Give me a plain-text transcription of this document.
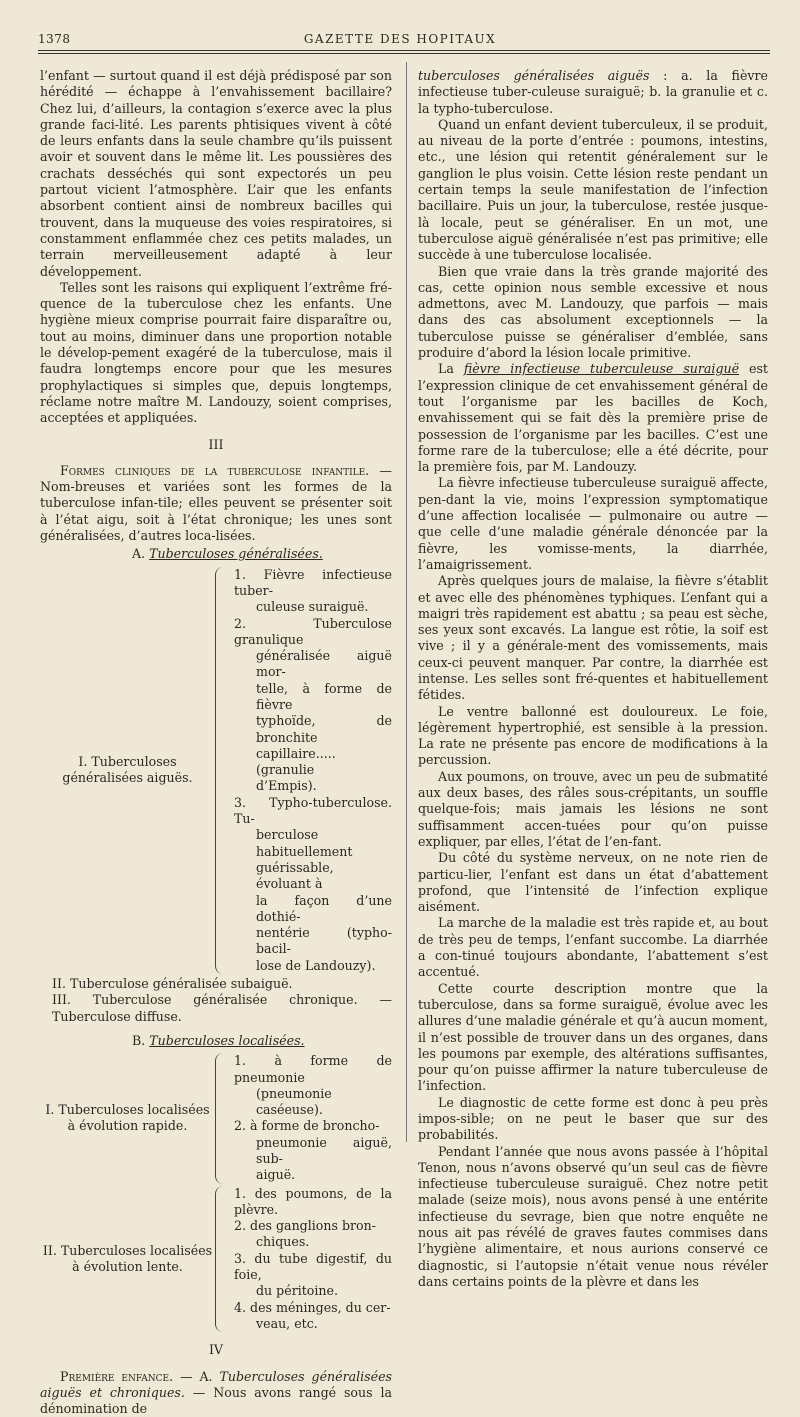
1378	GAZETTE DES HOPITAUX

l’enfant — surtout quand il est déjà prédisposé par son hérédité — échappe à l’envahissement bacillaire? Chez lui, d’ailleurs, la contagion s’exerce avec la plus grande faci-lité. Les parents phtisiques vivent à côté de leurs enfants dans la seule chambre qu’ils puissent avoir et souvent dans le même lit. Les poussières des crachats desséchés qui sont expectorés un peu partout vicient l’atmosphère. L’air que les enfants absorbent contient ainsi de nombreux bacilles qui trouvent, dans la muqueuse des voies respiratoires, si constamment enflammée chez ces petits malades, un terrain merveilleusement adapté à leur développement.

Telles sont les raisons qui expliquent l’extrême fré-quence de la tuberculose chez les enfants. Une hygiène mieux comprise pourrait faire disparaître ou, tout au moins, diminuer dans une proportion notable le dévelop-pement exagéré de la tuberculose, mais il faudra longtemps encore pour que les mesures prophylactiques si simples que, depuis longtemps, réclame notre maître M. Landouzy, soient comprises, acceptées et appliquées.

III

Formes cliniques de la tuberculose infantile. — Nom-breuses et variées sont les formes de la tuberculose infan-tile; elles peuvent se présenter soit à l’état aigu, soit à l’état chronique; les unes sont généralisées, d’autres loca-lisées.

A. Tuberculoses généralisées.

I. Tuberculoses généralisées aiguës.
1. Fièvre infectieuse tuber-
culeuse suraiguë.
2. Tuberculose granulique
généralisée aiguë mor-
telle, à forme de fièvre
typhoïde, de bronchite
capillaire..... (granulie
d’Empis).
3. Typho-tuberculose. Tu-
berculose habituellement
guérissable, évoluant à
la façon d’une dothié-
nentérie (typho-bacil-
lose de Landouzy).

II. Tuberculose généralisée subaiguë.

III. Tuberculose généralisée chronique. — Tuberculose diffuse.

B. Tuberculoses localisées.

I. Tuberculoses localisées à évolution rapide.
1. à forme de pneumonie
(pneumonie caséeuse).
2. à forme de broncho-
pneumonie aiguë, sub-
aiguë.
II. Tuberculoses localisées à évolution lente.
1. des poumons, de la plèvre.
2. des ganglions bron-
chiques.
3. du tube digestif, du foie,
du péritoine.
4. des méninges, du cer-
veau, etc.

IV

Première enfance. — A. Tuberculoses généralisées aiguës et chroniques. — Nous avons rangé sous la dénomination de

tuberculoses généralisées aiguës : a. la fièvre infectieuse tuber-culeuse suraiguë; b. la granulie et c. la typho-tuberculose.

Quand un enfant devient tuberculeux, il se produit, au niveau de la porte d’entrée : poumons, intestins, etc., une lésion qui retentit généralement sur le ganglion le plus voisin. Cette lésion reste pendant un certain temps la seule manifestation de l’infection bacillaire. Puis un jour, la tuberculose, restée jusque-là locale, peut se généraliser. En un mot, une tuberculose aiguë généralisée n’est pas primitive; elle succède à une tuberculose localisée.

Bien que vraie dans la très grande majorité des cas, cette opinion nous semble excessive et nous admettons, avec M. Landouzy, que parfois — mais dans des cas absolument exceptionnels — la tuberculose puisse se généraliser d’emblée, sans produire d’abord la lésion locale primitive.

La fièvre infectieuse tuberculeuse suraiguë est l’expression clinique de cet envahissement général de tout l’organisme par les bacilles de Koch, envahissement qui se fait dès la première prise de possession de l’organisme par les bacilles. C’est une forme rare de la tuberculose; elle a été décrite, pour la première fois, par M. Landouzy.

La fièvre infectieuse tuberculeuse suraiguë affecte, pen-dant la vie, moins l’expression symptomatique d’une affection localisée — pulmonaire ou autre — que celle d’une maladie générale dénoncée par la fièvre, les vomisse-ments, la diarrhée, l’amaigrissement.

Après quelques jours de malaise, la fièvre s’établit et avec elle des phénomènes typhiques. L’enfant qui a maigri très rapidement est abattu ; sa peau est sèche, ses yeux sont excavés. La langue est rôtie, la soif est vive ; il y a générale-ment des vomissements, mais ceux-ci peuvent manquer. Par contre, la diarrhée est intense. Les selles sont fré-quentes et habituellement fétides.

Le ventre ballonné est douloureux. Le foie, légèrement hypertrophié, est sensible à la pression. La rate ne présente pas encore de modifications à la percussion.

Aux poumons, on trouve, avec un peu de submatité aux deux bases, des râles sous-crépitants, un souffle quelque-fois; mais jamais les lésions ne sont suffisamment accen-tuées pour qu’on puisse expliquer, par elles, l’état de l’en-fant.

Du côté du système nerveux, on ne note rien de particu-lier, l’enfant est dans un état d’abattement profond, que l’intensité de l’infection explique aisément.

La marche de la maladie est très rapide et, au bout de très peu de temps, l’enfant succombe. La diarrhée a con-tinué toujours abondante, l’abattement s’est accentué.

Cette courte description montre que la tuberculose, dans sa forme suraiguë, évolue avec les allures d’une maladie générale et qu’à aucun moment, il n’est possible de trouver dans un des organes, dans les poumons par exemple, des altérations suffisantes, pour qu’on puisse affirmer la nature tuberculeuse de l’infection.

Le diagnostic de cette forme est donc à peu près impos-sible; on ne peut le baser que sur des probabilités.

Pendant l’année que nous avons passée à l’hôpital Tenon, nous n’avons observé qu’un seul cas de fièvre infectieuse tuberculeuse suraiguë. Chez notre petit malade (seize mois), nous avons pensé à une entérite infectieuse du sevrage, bien que notre enquête ne nous ait pas révélé de graves fautes commises dans l’hygiène alimentaire, et nous aurions conservé ce diagnostic, si l’autopsie n’était venue nous révéler dans certains points de la plèvre et dans les
